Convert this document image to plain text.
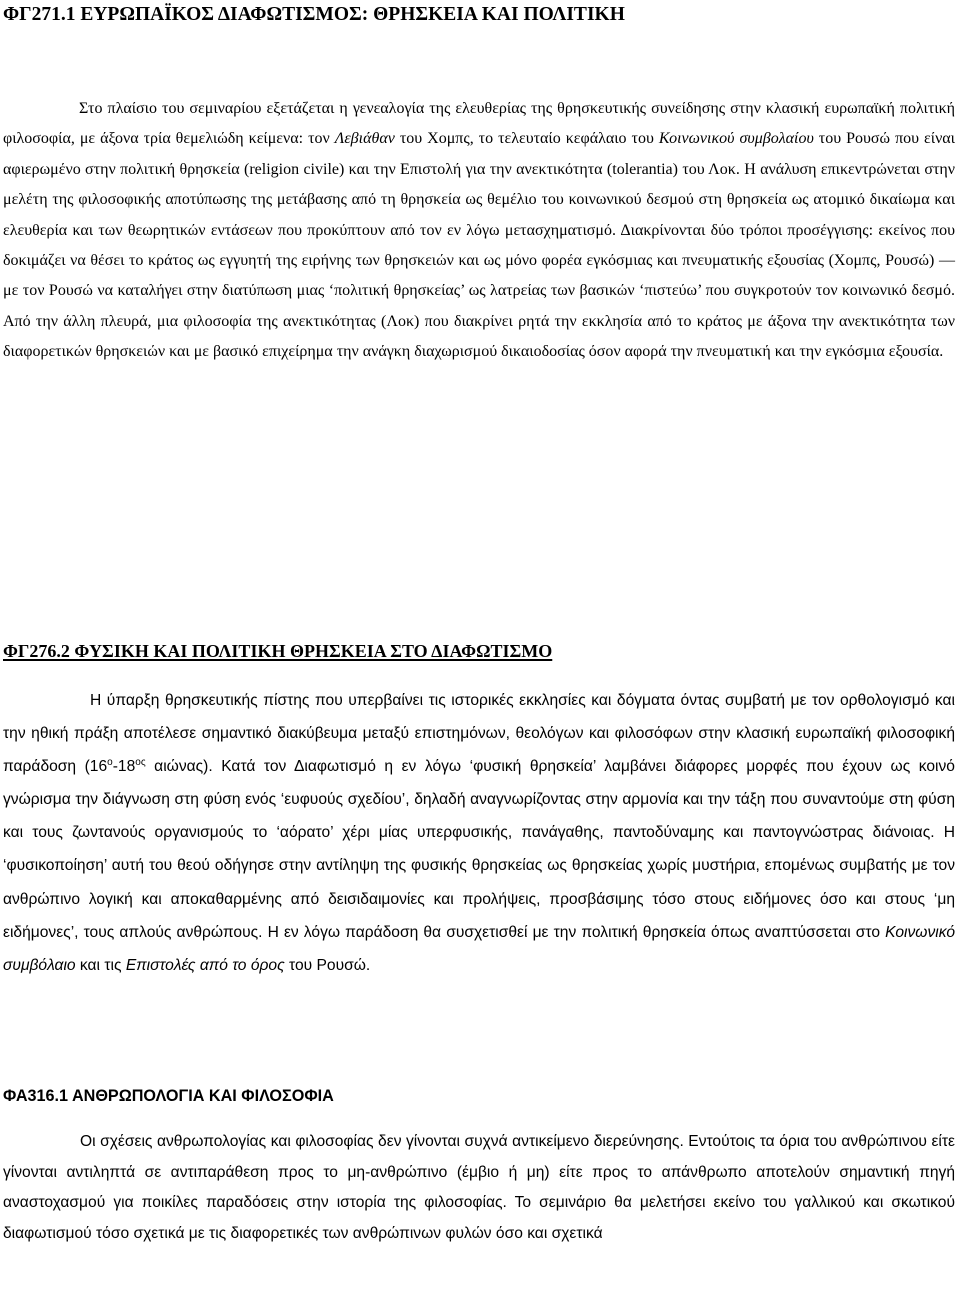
ΦΓ271.1 ΕΥΡΩΠΑΪΚΟΣ ΔΙΑΦΩΤΙΣΜΟΣ: ΘΡΗΣΚΕΙΑ ΚΑΙ ΠΟΛΙΤΙΚΗ

Στο πλαίσιο του σεμιναρίου εξετάζεται η γενεαλογία της ελευθερίας της θρησκευτικής συνείδησης στην κλασική ευρωπαϊκή πολιτική φιλοσοφία, με άξονα τρία θεμελιώδη κείμενα: τον Λεβιάθαν του Χομπς, το τελευταίο κεφάλαιο του Κοινωνικού συμβολαίου του Ρουσώ που είναι αφιερωμένο στην πολιτική θρησκεία (religion civile) και την Επιστολή για την ανεκτικότητα (tolerantia) του Λοκ. Η ανάλυση επικεντρώνεται στην μελέτη της φιλοσοφικής αποτύπωσης της μετάβασης από τη θρησκεία ως θεμέλιο του κοινωνικού δεσμού στη θρησκεία ως ατομικό δικαίωμα και ελευθερία και των θεωρητικών εντάσεων που προκύπτουν από τον εν λόγω μετασχηματισμό. Διακρίνονται δύο τρόποι προσέγγισης: εκείνος που δοκιμάζει να θέσει το κράτος ως εγγυητή της ειρήνης των θρησκειών και ως μόνο φορέα εγκόσμιας και πνευματικής εξουσίας (Χομπς, Ρουσώ) ― με τον Ρουσώ να καταλήγει στην διατύπωση μιας ‘πολιτική θρησκείας’ ως λατρείας των βασικών ‘πιστεύω’ που συγκροτούν τον κοινωνικό δεσμό. Από την άλλη πλευρά, μια φιλοσοφία της ανεκτικότητας (Λοκ) που διακρίνει ρητά την εκκλησία από το κράτος με άξονα την ανεκτικότητα των διαφορετικών θρησκειών και με βασικό επιχείρημα την ανάγκη διαχωρισμού δικαιοδοσίας όσον αφορά την πνευματική και την εγκόσμια εξουσία.

ΦΓ276.2 ΦΥΣΙΚΗ ΚΑΙ ΠΟΛΙΤΙΚΗ ΘΡΗΣΚΕΙΑ ΣΤΟ ΔΙΑΦΩΤΙΣΜΟ

Η ύπαρξη θρησκευτικής πίστης που υπερβαίνει τις ιστορικές εκκλησίες και δόγματα όντας συμβατή με τον ορθολογισμό και την ηθική πράξη αποτέλεσε σημαντικό διακύβευμα μεταξύ επιστημόνων, θεολόγων και φιλοσόφων στην κλασική ευρωπαϊκή φιλοσοφική παράδοση ($16^o-18^{o\varsigma}$ αιώνας). Κατά τον Διαφωτισμό η εν λόγω ‘φυσική θρησκεία’ λαμβάνει διάφορες μορφές που έχουν ως κοινό γνώρισμα την διάγνωση στη φύση ενός ‘ευφυούς σχεδίου’, δηλαδή αναγνωρίζοντας στην αρμονία και την τάξη που συναντούμε στη φύση και τους ζωντανούς οργανισμούς το ‘αόρατο’ χέρι μίας υπερφυσικής, πανάγαθης, παντοδύναμης και παντογνώστρας διάνοιας. Η ‘φυσικοποίηση’ αυτή του θεού οδήγησε στην αντίληψη της φυσικής θρησκείας ως θρησκείας χωρίς μυστήρια, επομένως συμβατής με τον ανθρώπινο λογική και αποκαθαρμένης από δεισιδαιμονίες και προλήψεις, προσβάσιμης τόσο στους ειδήμονες όσο και στους ‘μη ειδήμονες’, τους απλούς ανθρώπους. Η εν λόγω παράδοση θα συσχετισθεί με την πολιτική θρησκεία όπως αναπτύσσεται στο Κοινωνικό συμβόλαιο και τις Επιστολές από το όρος του Ρουσώ.

ΦΑ316.1 ΑΝΘΡΩΠΟΛΟΓΙΑ ΚΑΙ ΦΙΛΟΣΟΦΙΑ

Οι σχέσεις ανθρωπολογίας και φιλοσοφίας δεν γίνονται συχνά αντικείμενο διερεύνησης. Εντούτοις τα όρια του ανθρώπινου είτε γίνονται αντιληπτά σε αντιπαράθεση προς το μη-ανθρώπινο (έμβιο ή μη) είτε προς το απάνθρωπο αποτελούν σημαντική πηγή αναστοχασμού για ποικίλες παραδόσεις στην ιστορία της φιλοσοφίας. Το σεμινάριο θα μελετήσει εκείνο του γαλλικού και σκωτικού διαφωτισμού τόσο σχετικά με τις διαφορετικές των ανθρώπινων φυλών όσο και σχετικά
